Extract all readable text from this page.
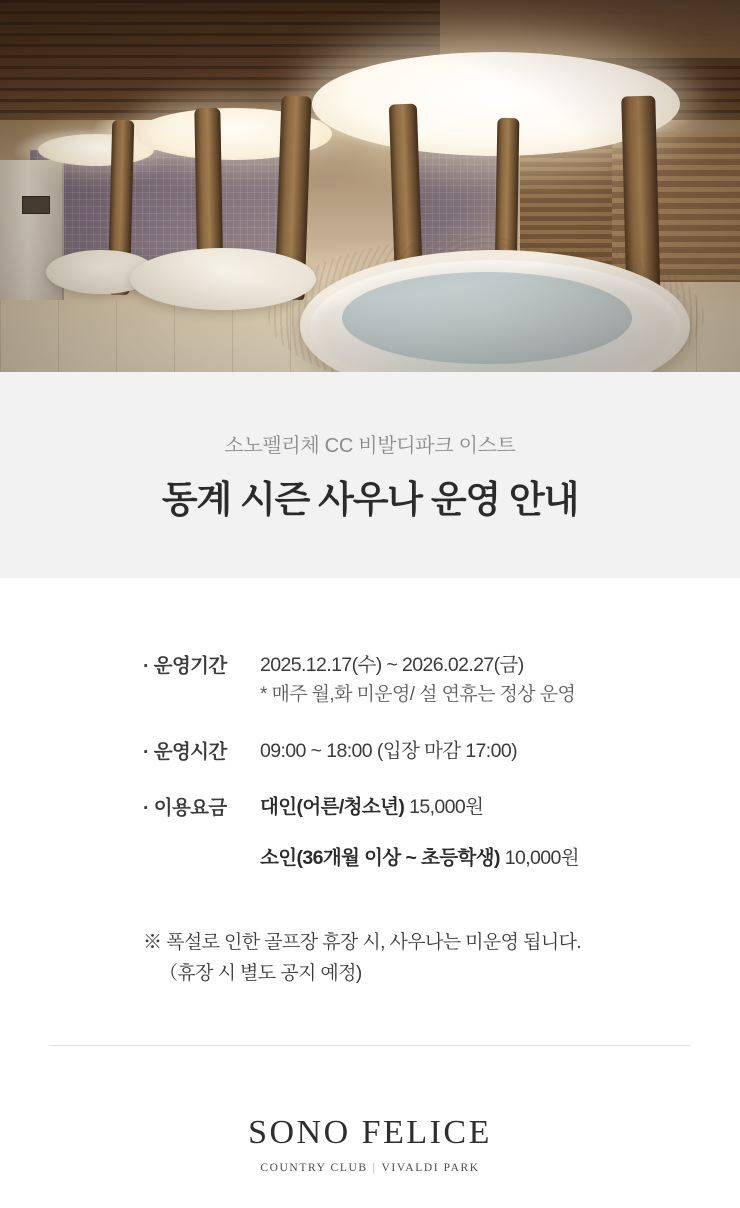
소노펠리체 CC 비발디파크 이스트
동계 시즌 사우나 운영 안내
· 운영기간	2025.12.17(수) ~ 2026.02.27(금)
* 매주 월,화 미운영/ 설 연휴는 정상 운영

· 운영시간	09:00 ~ 18:00 (입장 마감 17:00)
· 이용요금	대인(어른/청소년) 15,000원
소인(36개월 이상 ~ 초등학생) 10,000원
※ 폭설로 인한 골프장 휴장 시, 사우나는 미운영 됩니다.
（휴장 시 별도 공지 예정)
SONO FELICE
COUNTRY CLUB | VIVALDI PARK
